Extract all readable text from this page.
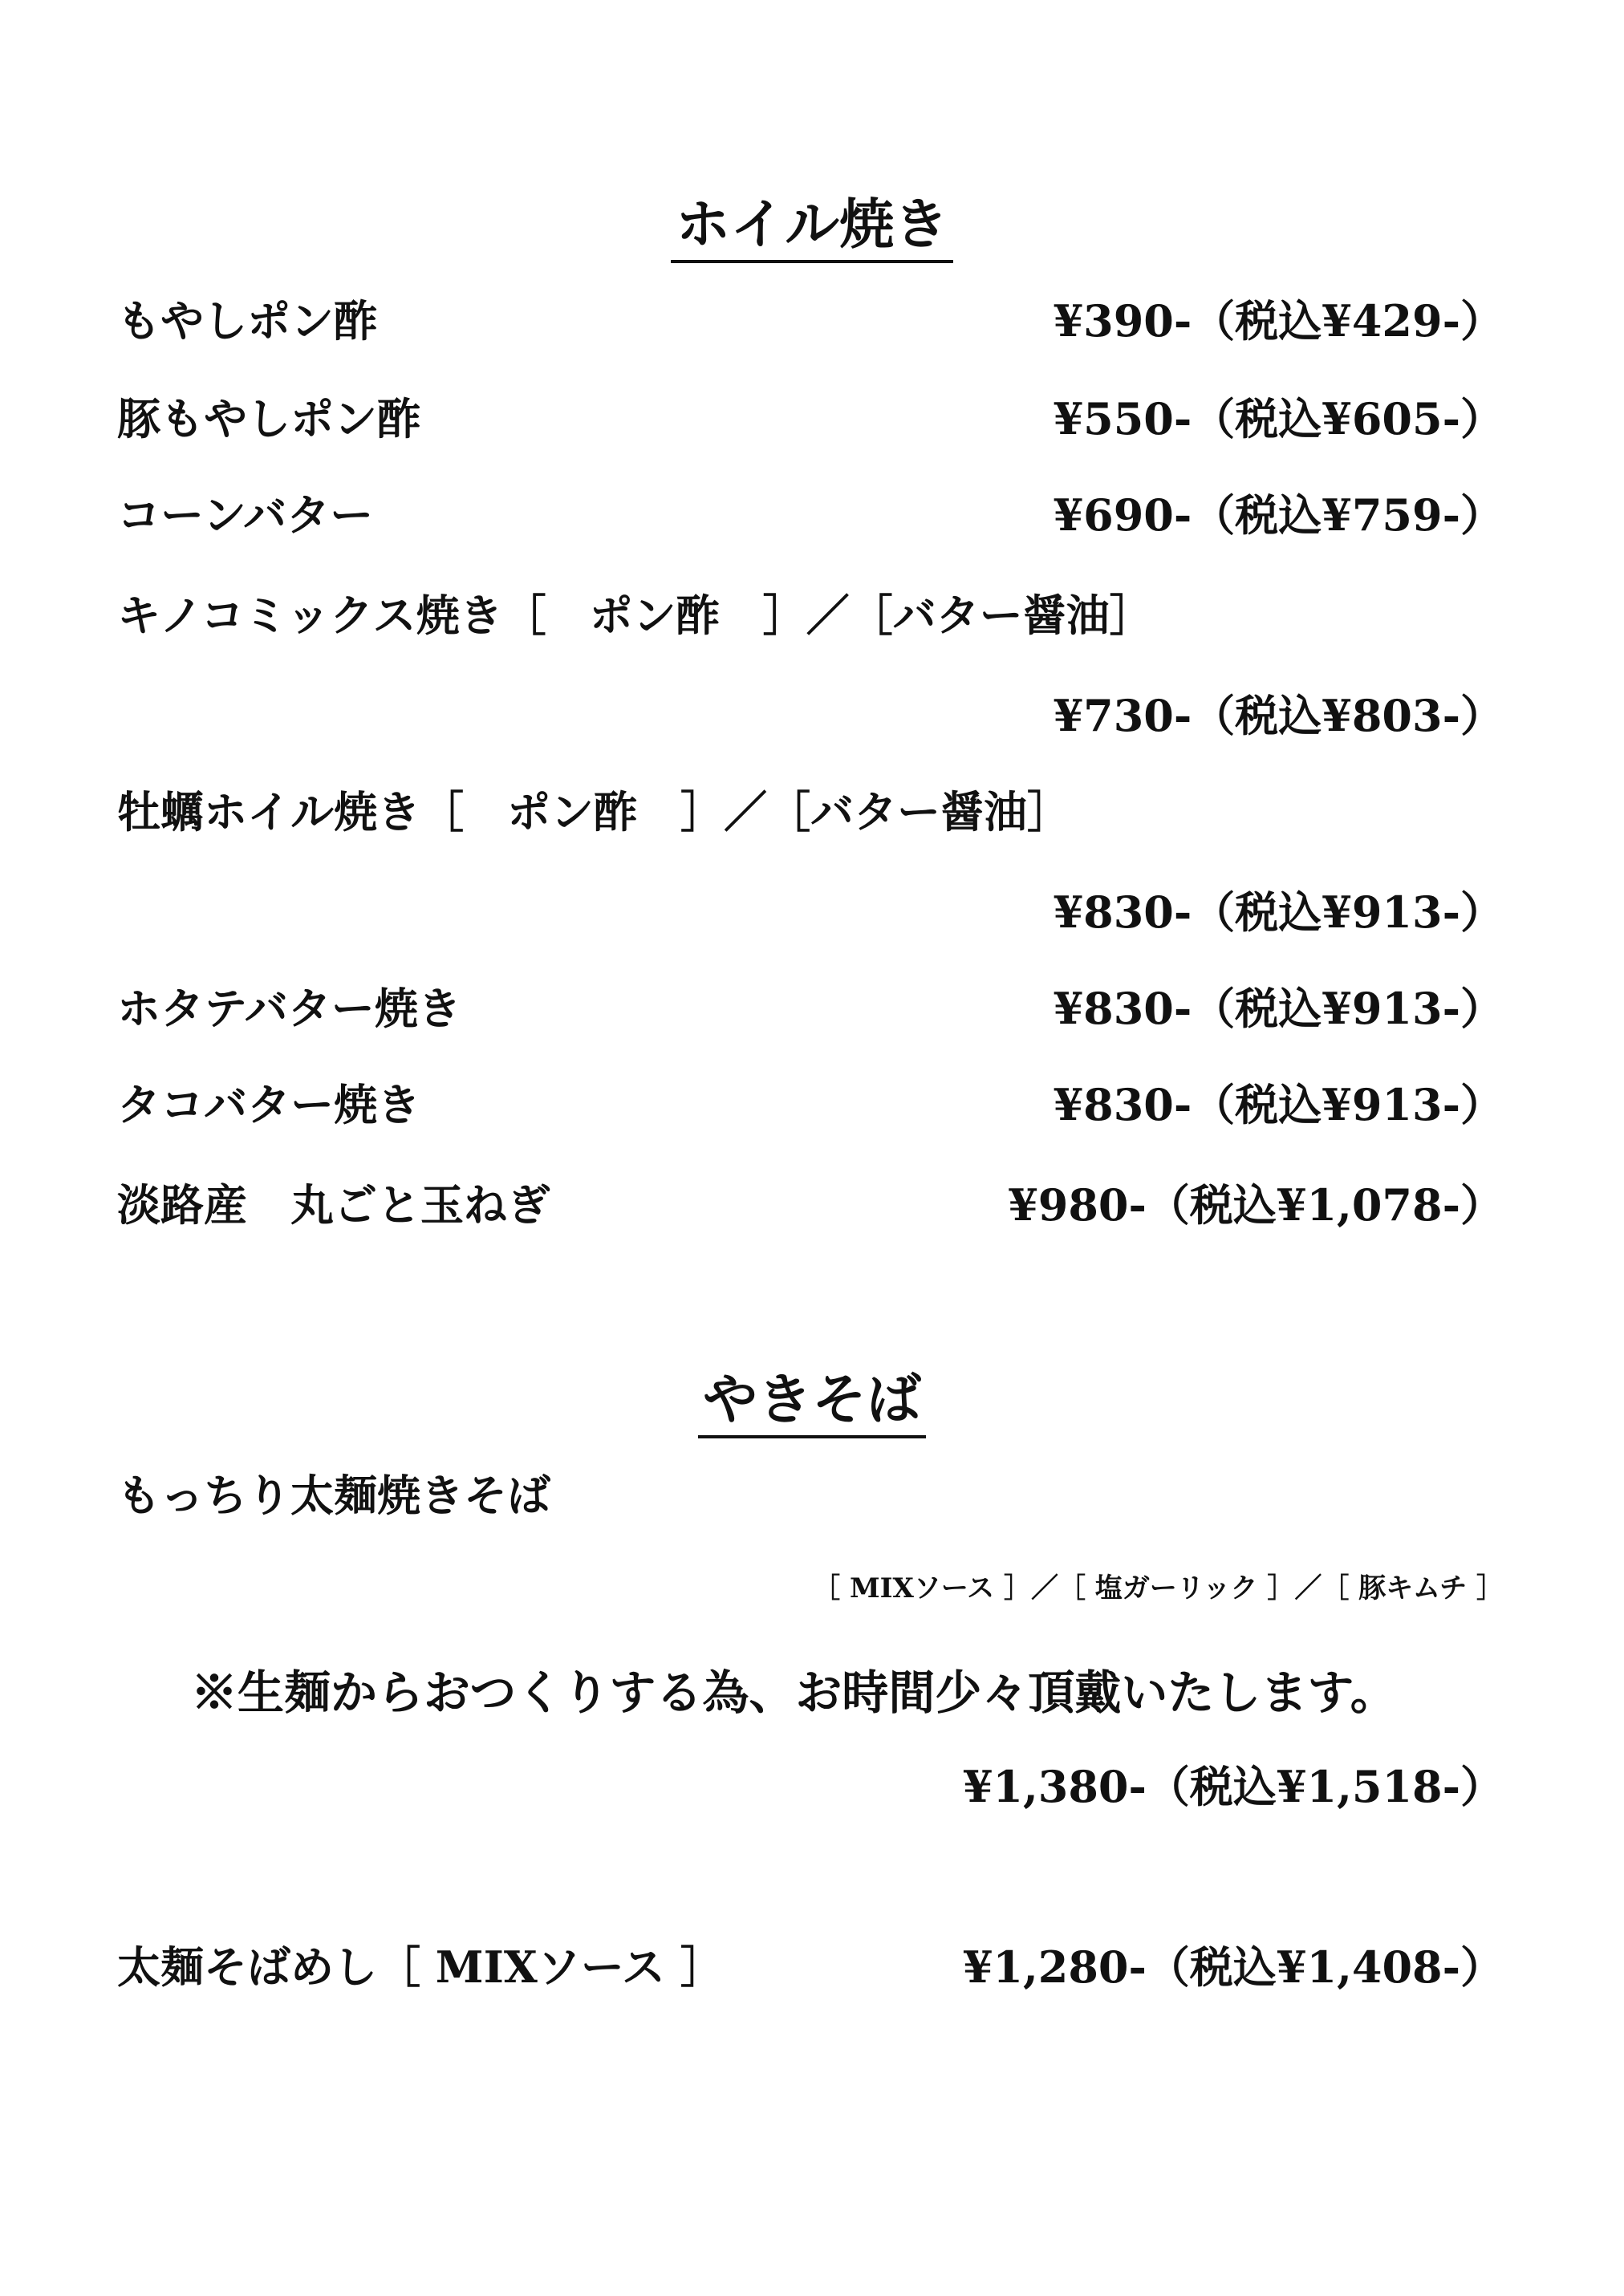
ホイル焼き
もやしポン酢	¥390-（税込¥429-）
豚もやしポン酢	¥550-（税込¥605-）
コーンバター	¥690-（税込¥759-）
キノコミックス焼き［　ポン酢　］／［バター醤油］
¥730-（税込¥803-）
牡蠣ホイル焼き［　ポン酢　］／［バター醤油］
¥830-（税込¥913-）
ホタテバター焼き	¥830-（税込¥913-）
タコバター焼き	¥830-（税込¥913-）
淡路産　丸ごと玉ねぎ	¥980-（税込¥1,078-）
やきそば
もっちり太麺焼きそば
［ MIXソース ］／［ 塩ガーリック ］／［ 豚キムチ ］
※生麺からおつくりする為、お時間少々頂戴いたします。
¥1,380-（税込¥1,518-）
太麺そばめし［ MIXソース ］	¥1,280-（税込¥1,408-）
